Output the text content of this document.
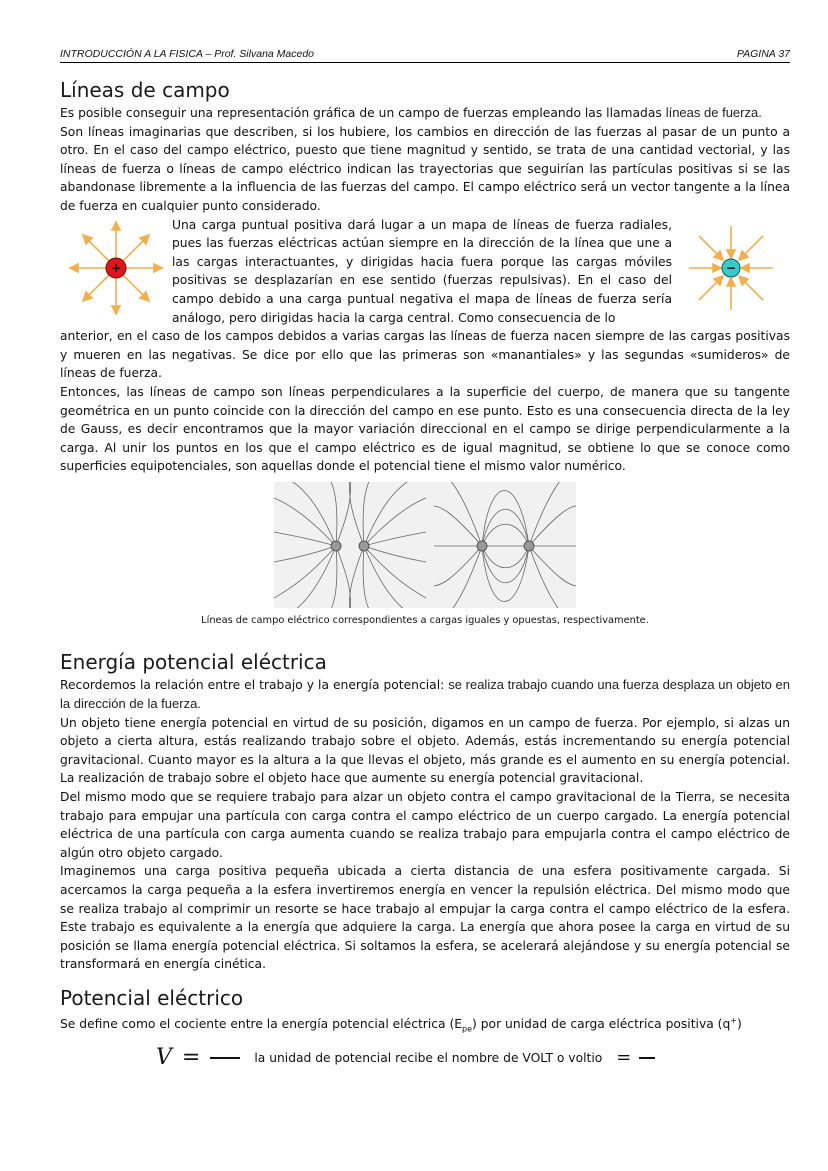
INTRODUCCIÓN A LA FISICA – Prof. Silvana Macedo	PAGINA 37
Líneas de campo

Es posible conseguir una representación gráfica de un campo de fuerzas empleando las llamadas líneas de fuerza.

Son líneas imaginarias que describen, si los hubiere, los cambios en dirección de las fuerzas al pasar de un punto a otro. En el caso del campo eléctrico, puesto que tiene magnitud y sentido, se trata de una cantidad vectorial, y las líneas de fuerza o líneas de campo eléctrico indican las trayectorias que seguirían las partículas positivas si se las abandonase libremente a la influencia de las fuerzas del campo. El campo eléctrico será un vector tangente a la línea de fuerza en cualquier punto considerado.

+

Una carga puntual positiva dará lugar a un mapa de líneas de fuerza radiales, pues las fuerzas eléctricas actúan siempre en la dirección de la línea que une a las cargas interactuantes, y dirigidas hacia fuera porque las cargas móviles positivas se desplazarían en ese sentido (fuerzas repulsivas). En el caso del campo debido a una carga puntual negativa el mapa de líneas de fuerza sería análogo, pero dirigidas hacia la carga central. Como consecuencia de lo

−

anterior, en el caso de los campos debidos a varias cargas las líneas de fuerza nacen siempre de las cargas positivas y mueren en las negativas. Se dice por ello que las primeras son «manantiales» y las segundas «sumideros» de líneas de fuerza.

Entonces, las líneas de campo son líneas perpendiculares a la superficie del cuerpo, de manera que su tangente geométrica en un punto coincide con la dirección del campo en ese punto. Esto es una consecuencia directa de la ley de Gauss, es decir encontramos que la mayor variación direccional en el campo se dirige perpendicularmente a la carga. Al unir los puntos en los que el campo eléctrico es de igual magnitud, se obtiene lo que se conoce como superficies equipotenciales, son aquellas donde el potencial tiene el mismo valor numérico.

Líneas de campo eléctrico correspondientes a cargas iguales y opuestas, respectivamente.
Energía potencial eléctrica

Recordemos la relación entre el trabajo y la energía potencial: se realiza trabajo cuando una fuerza desplaza un objeto en la dirección de la fuerza.

Un objeto tiene energía potencial en virtud de su posición, digamos en un campo de fuerza. Por ejemplo, si alzas un objeto a cierta altura, estás realizando trabajo sobre el objeto. Además, estás incrementando su energía potencial gravitacional. Cuanto mayor es la altura a la que llevas el objeto, más grande es el aumento en su energía potencial. La realización de trabajo sobre el objeto hace que aumente su energía potencial gravitacional.

Del mismo modo que se requiere trabajo para alzar un objeto contra el campo gravitacional de la Tierra, se necesita trabajo para empujar una partícula con carga contra el campo eléctrico de un cuerpo cargado. La energía potencial eléctrica de una partícula con carga aumenta cuando se realiza trabajo para empujarla contra el campo eléctrico de algún otro objeto cargado.

Imaginemos una carga positiva pequeña ubicada a cierta distancia de una esfera positivamente cargada. Si acercamos la carga pequeña a la esfera invertiremos energía en vencer la repulsión eléctrica. Del mismo modo que se realiza trabajo al comprimir un resorte se hace trabajo al empujar la carga contra el campo eléctrico de la esfera. Este trabajo es equivalente a la energía que adquiere la carga. La energía que ahora posee la carga en virtud de su posición se llama energía potencial eléctrica. Si soltamos la esfera, se acelerará alejándose y su energía potencial se transformará en energía cinética.

Potencial eléctrico

Se define como el cociente entre la energía potencial eléctrica $(E_{pe})$ por unidad de carga eléctrica positiva (q+)

V =	la unidad de potencial recibe el nombre de VOLT o voltio =
